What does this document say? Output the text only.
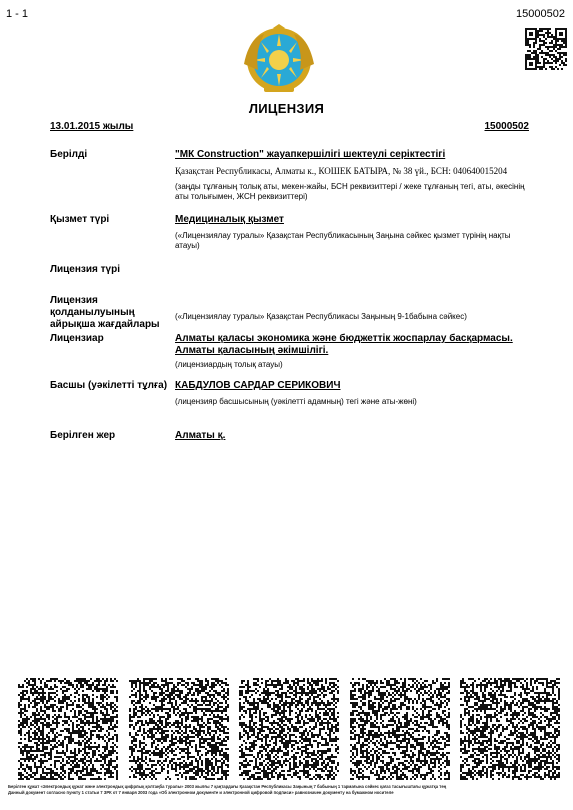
1 - 1	15000502
ЛИЦЕНЗИЯ
13.01.2015 жылы	15000502
Берілді	"МК Construction" жауапкершілігі шектеулі серіктестігі
Қазақстан Республикасы, Алматы к., КОШЕК БАТЫРА, № 38 үй., БСН: 040640015204
(заңды тұлғаның толық аты, мекен-жайы, БСН реквизиттері / жеке тұлғаның тегі, аты, әкесінің аты толығымен, ЖСН реквизиттері)
Қызмет түрі	Медициналық қызмет
(«Лицензиялау туралы» Қазақстан Республикасының Заңына сәйкес қызмет түрінің нақты атауы)
Лицензия түрі
Лицензия қолданылуының айрықша жағдайлары
(«Лицензиялау туралы» Қазақстан Республикасы Заңының 9-1бабына сәйкес)
Лицензиар	Алматы қаласы экономика және бюджеттік жоспарлау басқармасы. Алматы қаласының әкімшілігі.
(лицензиардың толық атауы)
Басшы (уәкілетті тұлға) КАБДУЛОВ САРДАР СЕРИКОВИЧ
(лицензияр басшысының (уәкілетті адамның) тегі және аты-жөні)
Берілген жер	Алматы қ.
Берілген құжат «Электрондық құжат және электрондық цифрлық қолтаңба туралы» 2003 жылғы 7 қаңтардағы Қазақстан Республикасы Заңының 7 бабының 1 тармағына сәйкес қағаз тасығыштағы құжатқа тең
Данный документ согласно пункту 1 статьи 7 ЗРК от 7 января 2003 года «Об электронном документе и электронной цифровой подписи» равнозначен документу на бумажном носителе
